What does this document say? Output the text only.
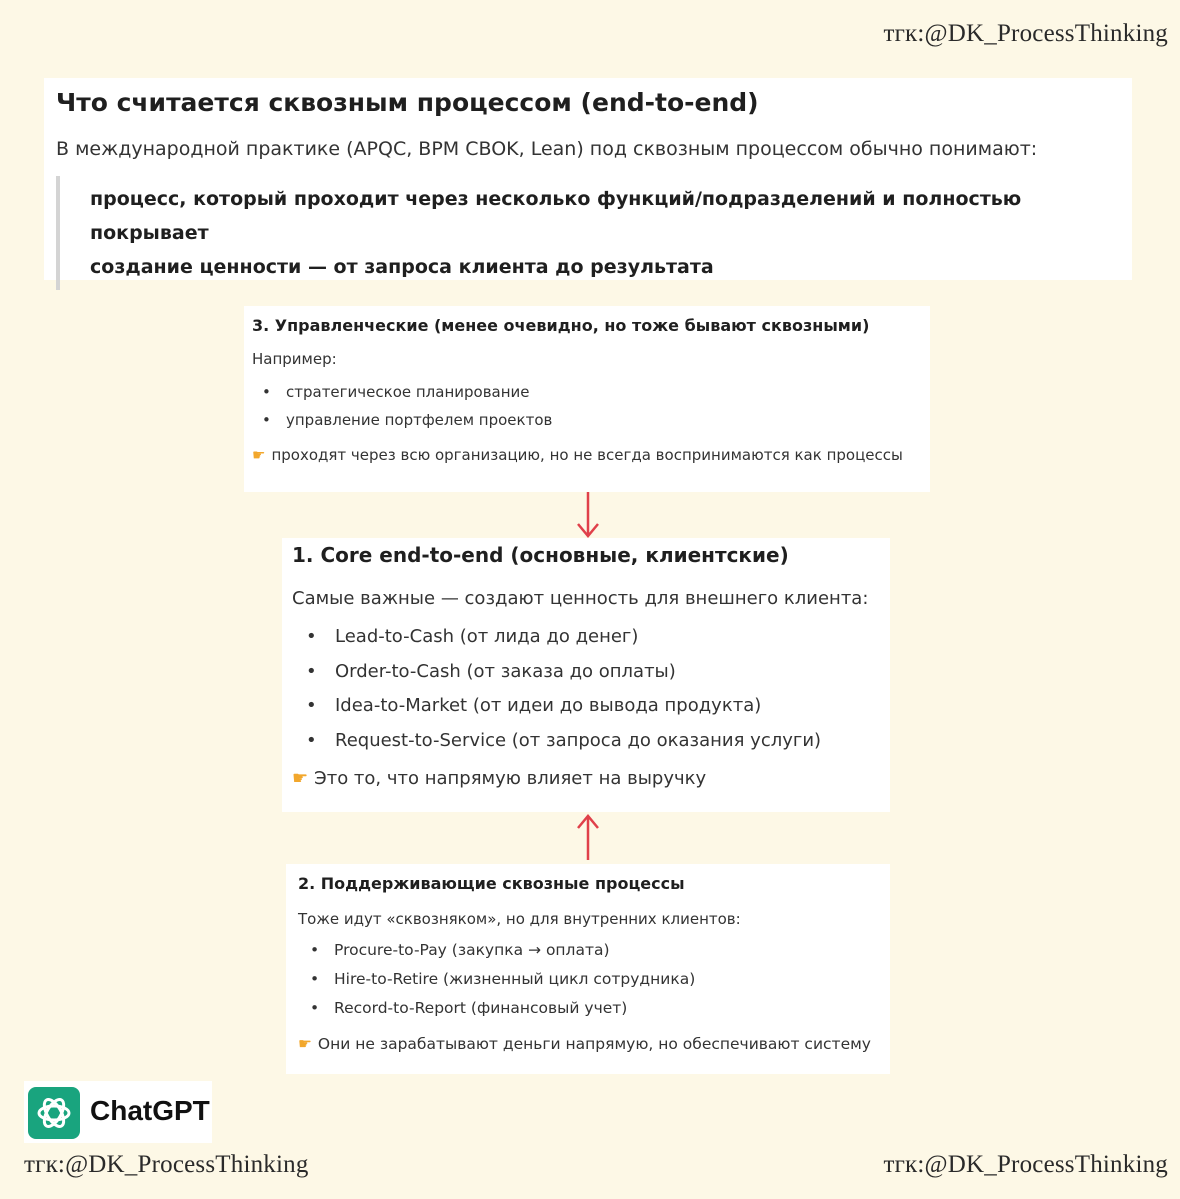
тгк:@DK_ProcessThinking
Что считается сквозным процессом (end-to-end)
В международной практике (APQC, BPM CBOK, Lean) под сквозным процессом обычно понимают:
процесс, который проходит через несколько функций/подразделений и полностью покрывает
создание ценности — от запроса клиента до результата
3. Управленческие (менее очевидно, но тоже бывают сквозными)
Например:
• стратегическое планирование
• управление портфелем проектов
☛ проходят через всю организацию, но не всегда воспринимаются как процессы
1. Core end-to-end (основные, клиентские)
Самые важные — создают ценность для внешнего клиента:
• Lead-to-Cash (от лида до денег)
• Order-to-Cash (от заказа до оплаты)
• Idea-to-Market (от идеи до вывода продукта)
• Request-to-Service (от запроса до оказания услуги)
☛ Это то, что напрямую влияет на выручку
2. Поддерживающие сквозные процессы
Тоже идут «сквозняком», но для внутренних клиентов:
• Procure-to-Pay (закупка → оплата)
• Hire-to-Retire (жизненный цикл сотрудника)
• Record-to-Report (финансовый учет)
☛ Они не зарабатывают деньги напрямую, но обеспечивают систему
ChatGPT
тгк:@DK_ProcessThinking	тгк:@DK_ProcessThinking
